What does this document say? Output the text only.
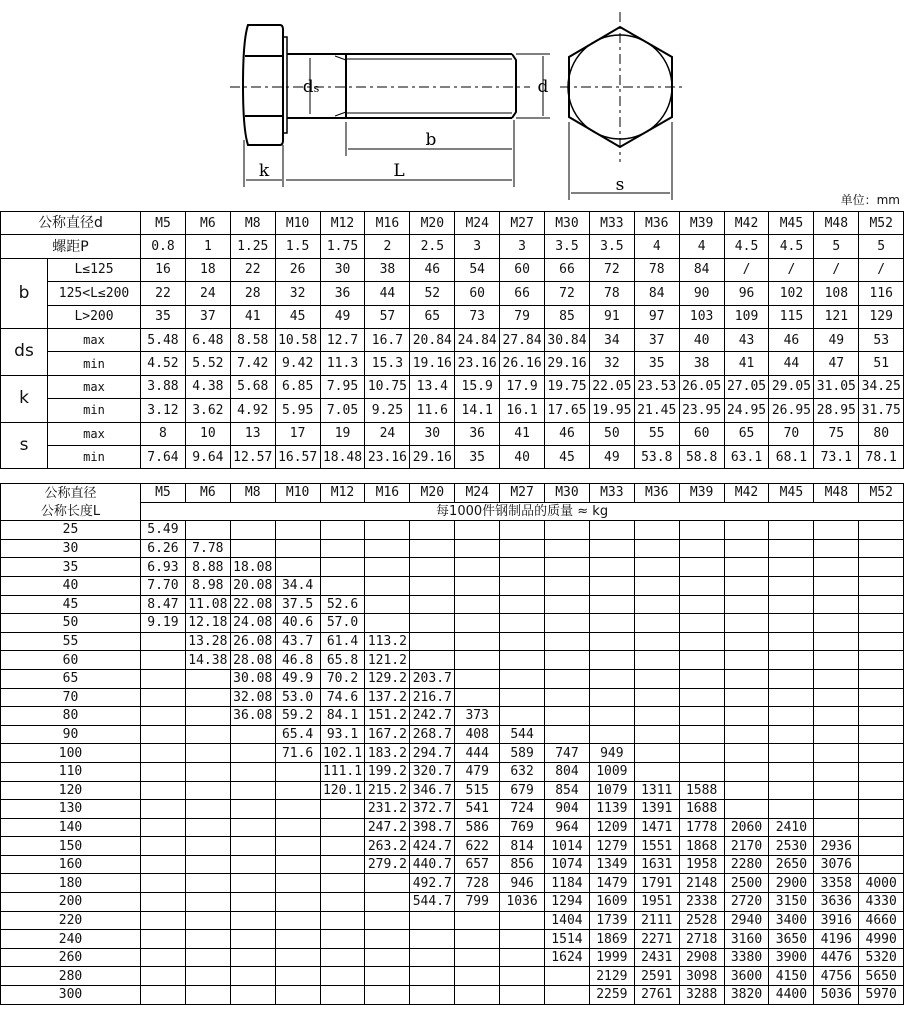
ds	d
b
k	L
s
单位：mm
公称直径d		M5	M6	M8	M10	M12	M16	M20	M24	M27	M30	M33	M36	M39	M42	M45	M48	M52
螺距P		0.8	1	1.25	1.5	1.75	2	2.5	3	3	3.5	3.5	4	4	4.5	4.5	5	5
b	L≤125	16	18	22	26	30	38	46	54	60	66	72	78	84	/	/	/	/
	125<L≤200	22	24	28	32	36	44	52	60	66	72	78	84	90	96	102	108	116
	L>200	35	37	41	45	49	57	65	73	79	85	91	97	103	109	115	121	129
ds	max	5.48	6.48	8.58	10.58	12.7	16.7	20.84	24.84	27.84	30.84	34	37	40	43	46	49	53
	min	4.52	5.52	7.42	9.42	11.3	15.3	19.16	23.16	26.16	29.16	32	35	38	41	44	47	51
k	max	3.88	4.38	5.68	6.85	7.95	10.75	13.4	15.9	17.9	19.75	22.05	23.53	26.05	27.05	29.05	31.05	34.25
	min	3.12	3.62	4.92	5.95	7.05	9.25	11.6	14.1	16.1	17.65	19.95	21.45	23.95	24.95	26.95	28.95	31.75
s	max	8	10	13	17	19	24	30	36	41	46	50	55	60	65	70	75	80
	min	7.64	9.64	12.57	16.57	18.48	23.16	29.16	35	40	45	49	53.8	58.8	63.1	68.1	73.1	78.1
公称直径	M5	M6	M8	M10	M12	M16	M20	M24	M27	M30	M33	M36	M39	M42	M45	M48	M52
公称长度L	每1000件钢制品的质量 ≈ kg																
25	5.49																
30	6.26	7.78															
35	6.93	8.88	18.08														
40	7.70	8.98	20.08	34.4													
45	8.47	11.08	22.08	37.5	52.6												
50	9.19	12.18	24.08	40.6	57.0												
55		13.28	26.08	43.7	61.4	113.2											
60		14.38	28.08	46.8	65.8	121.2											
65			30.08	49.9	70.2	129.2	203.7										
70			32.08	53.0	74.6	137.2	216.7										
80			36.08	59.2	84.1	151.2	242.7	373									
90				65.4	93.1	167.2	268.7	408	544								
100				71.6	102.1	183.2	294.7	444	589	747	949						
110					111.1	199.2	320.7	479	632	804	1009						
120					120.1	215.2	346.7	515	679	854	1079	1311	1588				
130						231.2	372.7	541	724	904	1139	1391	1688				
140						247.2	398.7	586	769	964	1209	1471	1778	2060	2410		
150						263.2	424.7	622	814	1014	1279	1551	1868	2170	2530	2936	
160						279.2	440.7	657	856	1074	1349	1631	1958	2280	2650	3076	
180							492.7	728	946	1184	1479	1791	2148	2500	2900	3358	4000
200							544.7	799	1036	1294	1609	1951	2338	2720	3150	3636	4330
220										1404	1739	2111	2528	2940	3400	3916	4660
240										1514	1869	2271	2718	3160	3650	4196	4990
260										1624	1999	2431	2908	3380	3900	4476	5320
280											2129	2591	3098	3600	4150	4756	5650
300											2259	2761	3288	3820	4400	5036	5970
